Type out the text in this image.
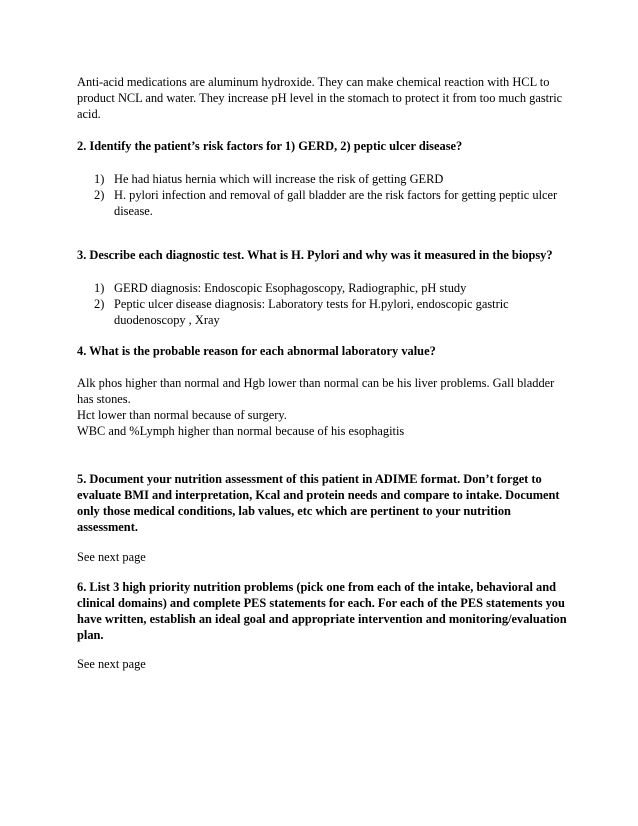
Anti-acid medications are aluminum hydroxide. They can make chemical reaction with HCL to product NCL and water. They increase pH level in the stomach to protect it from too much gastric acid.

2. Identify the patient’s risk factors for 1) GERD, 2) peptic ulcer disease?

1) He had hiatus hernia which will increase the risk of getting GERD
2) H. pylori infection and removal of gall bladder are the risk factors for getting peptic ulcer disease.

3. Describe each diagnostic test. What is H. Pylori and why was it measured in the biopsy?

1) GERD diagnosis: Endoscopic Esophagoscopy, Radiographic, pH study
2) Peptic ulcer disease diagnosis: Laboratory tests for H.pylori, endoscopic gastric duodenoscopy , Xray

4. What is the probable reason for each abnormal laboratory value?

Alk phos higher than normal and Hgb lower than normal can be his liver problems. Gall bladder has stones.

Hct lower than normal because of surgery.

WBC and %Lymph higher than normal because of his esophagitis

5. Document your nutrition assessment of this patient in ADIME format. Don’t forget to evaluate BMI and interpretation, Kcal and protein needs and compare to intake. Document only those medical conditions, lab values, etc which are pertinent to your nutrition assessment.

See next page

6. List 3 high priority nutrition problems (pick one from each of the intake, behavioral and clinical domains) and complete PES statements for each. For each of the PES statements you have written, establish an ideal goal and appropriate intervention and monitoring/evaluation plan.

See next page
